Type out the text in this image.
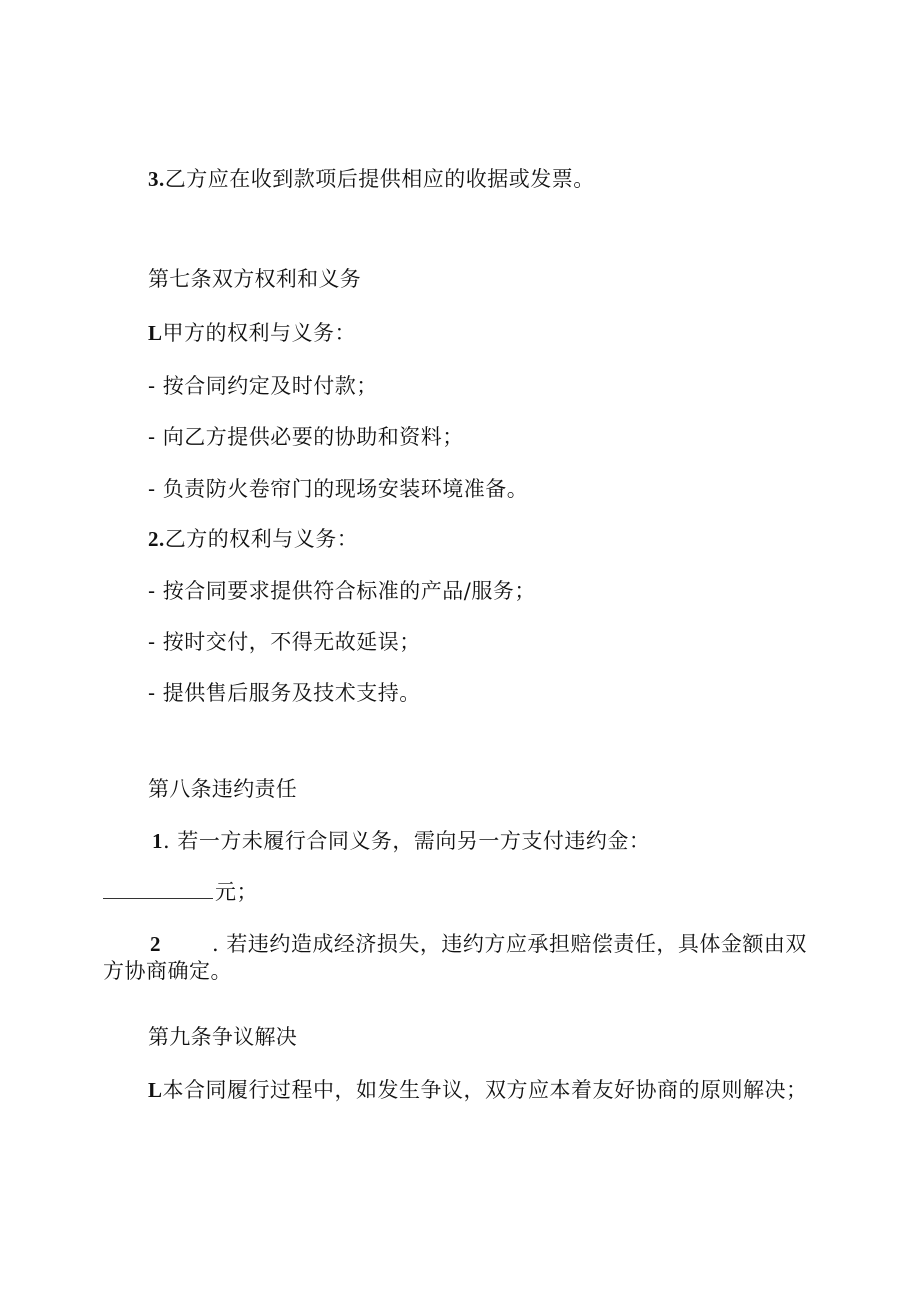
3.乙方应在收到款项后提供相应的收据或发票。
第七条双方权利和义务
L甲方的权利与义务：
- 按合同约定及时付款；
- 向乙方提供必要的协助和资料；
- 负责防火卷帘门的现场安装环境准备。
2.乙方的权利与义务：
- 按合同要求提供符合标准的产品/服务；
- 按时交付，不得无故延误；
- 提供售后服务及技术支持。
第八条违约责任
1. 若一方未履行合同义务，需向另一方支付违约金：
元；
2 . 若违约造成经济损失，违约方应承担赔偿责任，具体金额由双
方协商确定。
第九条争议解决
L本合同履行过程中，如发生争议，双方应本着友好协商的原则解决；
